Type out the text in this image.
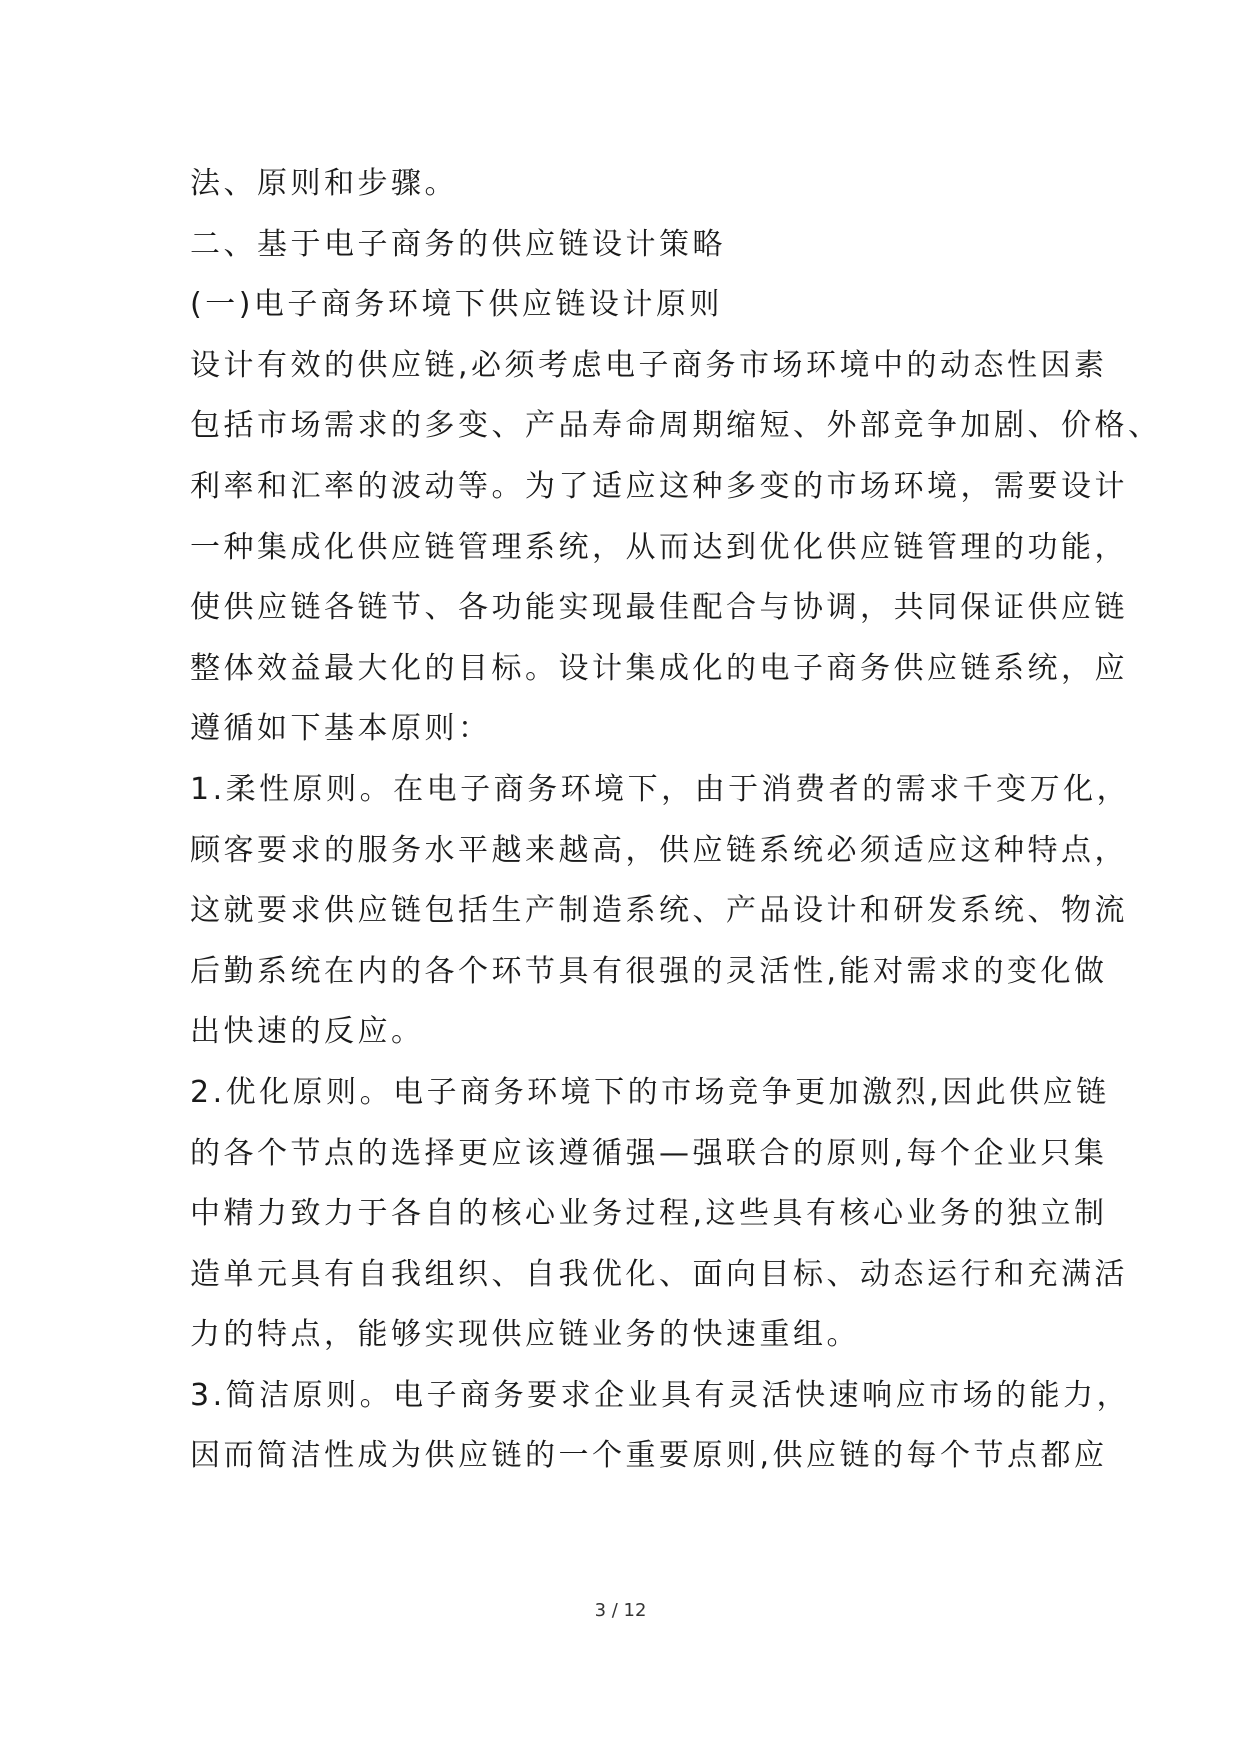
法、原则和步骤。

二、基于电子商务的供应链设计策略

(一)电子商务环境下供应链设计原则

设计有效的供应链,必须考虑电子商务市场环境中的动态性因素

包括市场需求的多变、产品寿命周期缩短、外部竞争加剧、价格、

利率和汇率的波动等。为了适应这种多变的市场环境，需要设计

一种集成化供应链管理系统，从而达到优化供应链管理的功能，

使供应链各链节、各功能实现最佳配合与协调，共同保证供应链

整体效益最大化的目标。设计集成化的电子商务供应链系统，应

遵循如下基本原则：

1.柔性原则。在电子商务环境下，由于消费者的需求千变万化，

顾客要求的服务水平越来越高，供应链系统必须适应这种特点，

这就要求供应链包括生产制造系统、产品设计和研发系统、物流

后勤系统在内的各个环节具有很强的灵活性,能对需求的变化做

出快速的反应。

2.优化原则。电子商务环境下的市场竞争更加激烈,因此供应链

的各个节点的选择更应该遵循强—强联合的原则,每个企业只集

中精力致力于各自的核心业务过程,这些具有核心业务的独立制

造单元具有自我组织、自我优化、面向目标、动态运行和充满活

力的特点，能够实现供应链业务的快速重组。

3.简洁原则。电子商务要求企业具有灵活快速响应市场的能力，

因而简洁性成为供应链的一个重要原则,供应链的每个节点都应

3 / 12
